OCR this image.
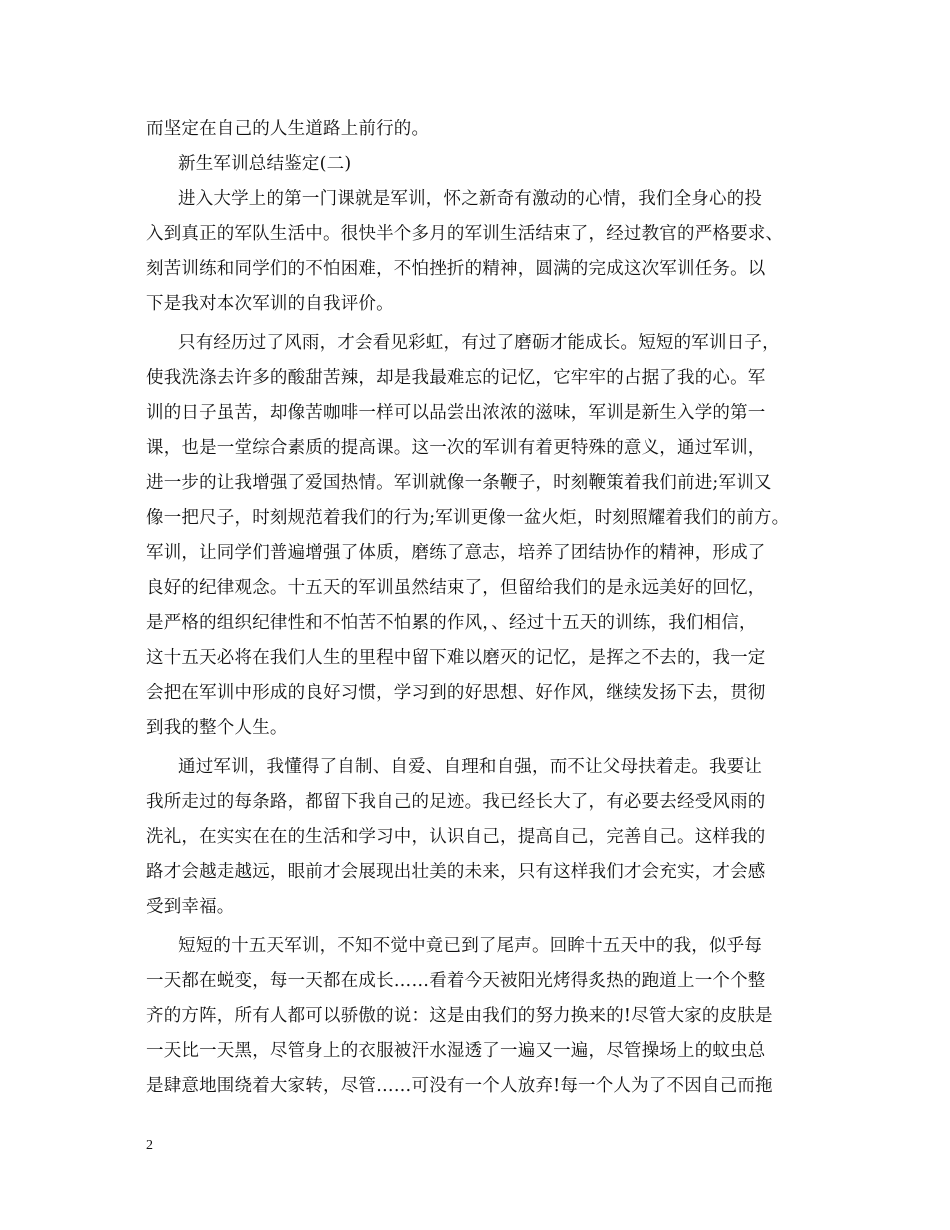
而坚定在自己的人生道路上前行的。
新生军训总结鉴定(二)
进入大学上的第一门课就是军训，怀之新奇有激动的心情，我们全身心的投
入到真正的军队生活中。很快半个多月的军训生活结束了，经过教官的严格要求、
刻苦训练和同学们的不怕困难，不怕挫折的精神，圆满的完成这次军训任务。以
下是我对本次军训的自我评价。
只有经历过了风雨，才会看见彩虹，有过了磨砺才能成长。短短的军训日子，
使我洗涤去许多的酸甜苦辣，却是我最难忘的记忆，它牢牢的占据了我的心。军
训的日子虽苦，却像苦咖啡一样可以品尝出浓浓的滋味，军训是新生入学的第一
课，也是一堂综合素质的提高课。这一次的军训有着更特殊的意义，通过军训，
进一步的让我增强了爱国热情。军训就像一条鞭子，时刻鞭策着我们前进;军训又
像一把尺子，时刻规范着我们的行为;军训更像一盆火炬，时刻照耀着我们的前方。
军训，让同学们普遍增强了体质，磨练了意志，培养了团结协作的精神，形成了
良好的纪律观念。十五天的军训虽然结束了，但留给我们的是永远美好的回忆，
是严格的组织纪律性和不怕苦不怕累的作风，、经过十五天的训练，我们相信，
这十五天必将在我们人生的里程中留下难以磨灭的记忆，是挥之不去的，我一定
会把在军训中形成的良好习惯，学习到的好思想、好作风，继续发扬下去，贯彻
到我的整个人生。
通过军训，我懂得了自制、自爱、自理和自强，而不让父母扶着走。我要让
我所走过的每条路，都留下我自己的足迹。我已经长大了，有必要去经受风雨的
洗礼，在实实在在的生活和学习中，认识自己，提高自己，完善自己。这样我的
路才会越走越远，眼前才会展现出壮美的未来，只有这样我们才会充实，才会感
受到幸福。
短短的十五天军训，不知不觉中竟已到了尾声。回眸十五天中的我，似乎每
一天都在蜕变，每一天都在成长……看着今天被阳光烤得炙热的跑道上一个个整
齐的方阵，所有人都可以骄傲的说：这是由我们的努力换来的!尽管大家的皮肤是
一天比一天黑，尽管身上的衣服被汗水湿透了一遍又一遍，尽管操场上的蚊虫总
是肆意地围绕着大家转，尽管……可没有一个人放弃!每一个人为了不因自己而拖
2
